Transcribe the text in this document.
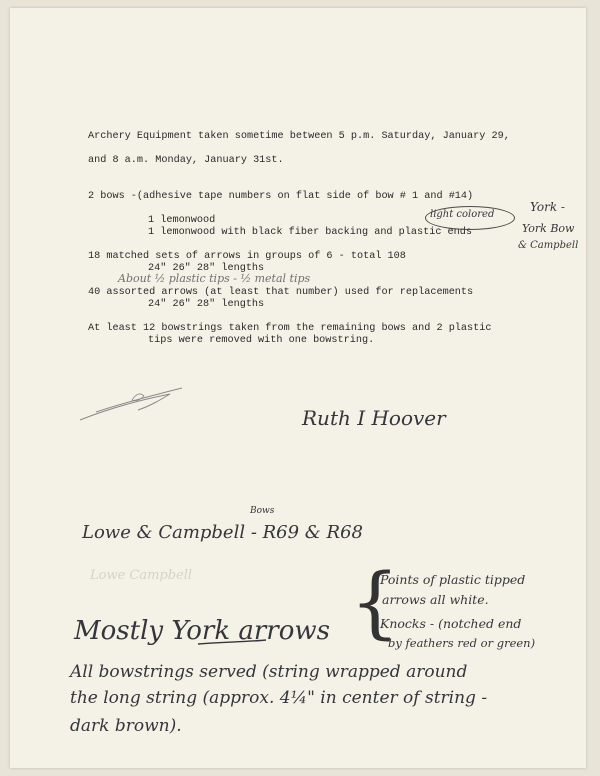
Archery Equipment taken sometime between 5 p.m. Saturday, January 29,
and 8 a.m. Monday, January 31st.
2 bows -(adhesive tape numbers on flat side of bow # 1 and #14)
1 lemonwood
1 lemonwood with black fiber backing and plastic ends
18 matched sets of arrows in groups of 6 - total 108
24" 26" 28" lengths
40 assorted arrows (at least that number) used for replacements
24" 26" 28" lengths
At least 12 bowstrings taken from the remaining bows and 2 plastic
tips were removed with one bowstring.
light colored
York -
York Bow
& Campbell
About ½ plastic tips - ½ metal tips
Ruth I Hoover
Bows
Lowe & Campbell - R69 & R68
Lowe Campbell
Mostly York arrows {
Points of plastic tipped
arrows all white.
Knocks - (notched end
by feathers red or green)
All bowstrings served (string wrapped around
the long string (approx. 4¼" in center of string -
dark brown).
